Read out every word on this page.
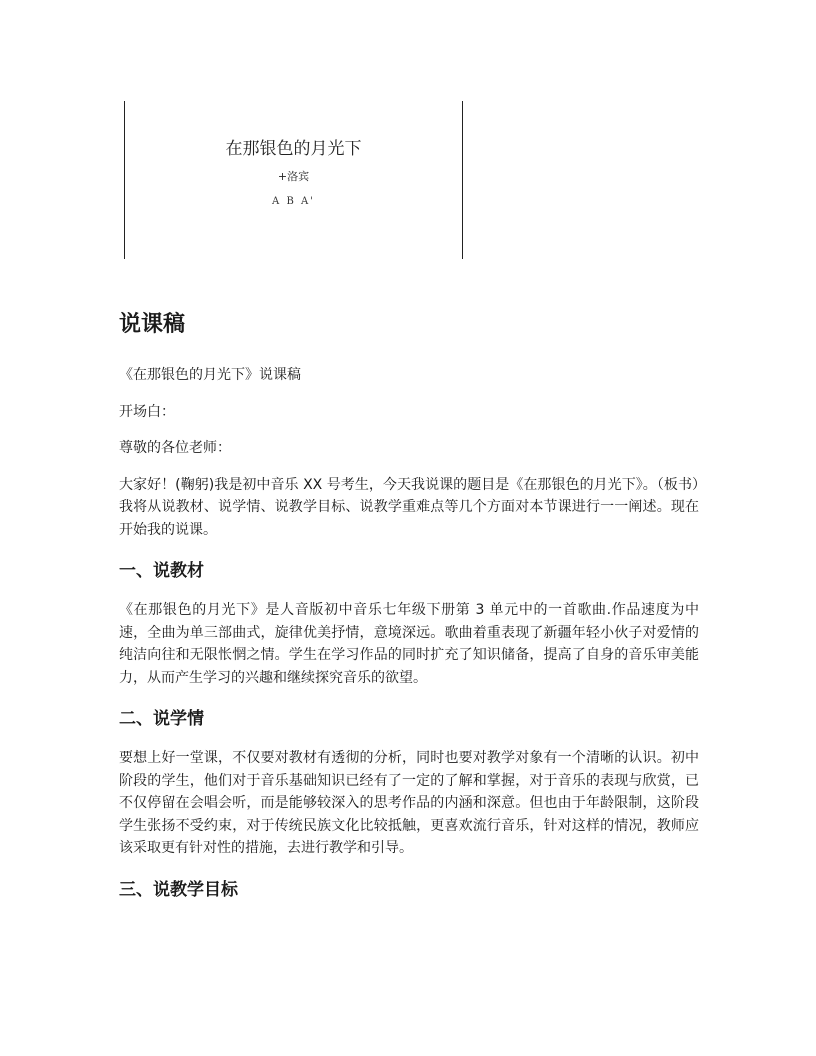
在那银色的月光下
+洛宾
A B A'
说课稿

《在那银色的月光下》说课稿

开场白：

尊敬的各位老师：

大家好！(鞠躬)我是初中音乐 XX 号考生，今天我说课的题目是《在那银色的月光下》。（板书）我将从说教材、说学情、说教学目标、说教学重难点等几个方面对本节课进行一一阐述。现在开始我的说课。

一、说教材

《在那银色的月光下》是人音版初中音乐七年级下册第 3 单元中的一首歌曲.作品速度为中速，全曲为单三部曲式，旋律优美抒情，意境深远。歌曲着重表现了新疆年轻小伙子对爱情的纯洁向往和无限怅惘之情。学生在学习作品的同时扩充了知识储备，提高了自身的音乐审美能力，从而产生学习的兴趣和继续探究音乐的欲望。

二、说学情

要想上好一堂课，不仅要对教材有透彻的分析，同时也要对教学对象有一个清晰的认识。初中阶段的学生，他们对于音乐基础知识已经有了一定的了解和掌握，对于音乐的表现与欣赏，已不仅停留在会唱会听，而是能够较深入的思考作品的内涵和深意。但也由于年龄限制，这阶段学生张扬不受约束，对于传统民族文化比较抵触，更喜欢流行音乐，针对这样的情况，教师应该采取更有针对性的措施，去进行教学和引导。

三、说教学目标
